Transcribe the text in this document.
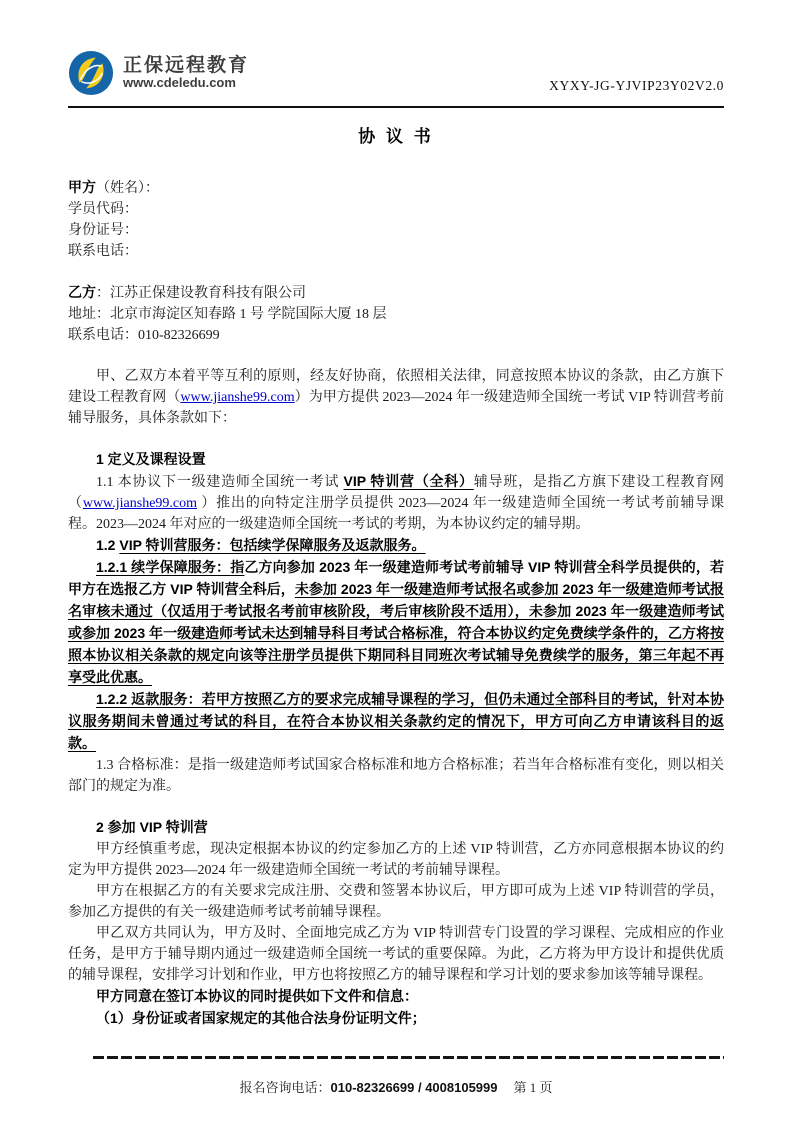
正保远程教育
www.cdeledu.com	XYXY-JG-YJVIP23Y02V2.0
协 议 书

甲方（姓名）：

学员代码：

身份证号：

联系电话：

乙方：江苏正保建设教育科技有限公司

地址：北京市海淀区知春路 1 号 学院国际大厦 18 层

联系电话：010-82326699

甲、乙双方本着平等互利的原则，经友好协商，依照相关法律，同意按照本协议的条款，由乙方旗下建设工程教育网（www.jianshe99.com）为甲方提供 2023—2024 年一级建造师全国统一考试 VIP 特训营考前辅导服务，具体条款如下：

1 定义及课程设置

1.1 本协议下一级建造师全国统一考试 VIP 特训营（全科）辅导班，是指乙方旗下建设工程教育网（www.jianshe99.com ）推出的向特定注册学员提供 2023—2024 年一级建造师全国统一考试考前辅导课程。2023—2024 年对应的一级建造师全国统一考试的考期，为本协议约定的辅导期。

1.2 VIP 特训营服务：包括续学保障服务及返款服务。

1.2.1 续学保障服务：指乙方向参加 2023 年一级建造师考试考前辅导 VIP 特训营全科学员提供的，若甲方在选报乙方 VIP 特训营全科后，未参加 2023 年一级建造师考试报名或参加 2023 年一级建造师考试报名审核未通过（仅适用于考试报名考前审核阶段，考后审核阶段不适用），未参加 2023 年一级建造师考试或参加 2023 年一级建造师考试未达到辅导科目考试合格标准，符合本协议约定免费续学条件的，乙方将按照本协议相关条款的规定向该等注册学员提供下期同科目同班次考试辅导免费续学的服务，第三年起不再享受此优惠。

1.2.2 返款服务：若甲方按照乙方的要求完成辅导课程的学习，但仍未通过全部科目的考试，针对本协议服务期间未曾通过考试的科目，在符合本协议相关条款约定的情况下，甲方可向乙方申请该科目的返款。

1.3 合格标准：是指一级建造师考试国家合格标准和地方合格标准；若当年合格标准有变化，则以相关部门的规定为准。

2 参加 VIP 特训营

甲方经慎重考虑，现决定根据本协议的约定参加乙方的上述 VIP 特训营，乙方亦同意根据本协议的约定为甲方提供 2023—2024 年一级建造师全国统一考试的考前辅导课程。

甲方在根据乙方的有关要求完成注册、交费和签署本协议后，甲方即可成为上述 VIP 特训营的学员，参加乙方提供的有关一级建造师考试考前辅导课程。

甲乙双方共同认为，甲方及时、全面地完成乙方为 VIP 特训营专门设置的学习课程、完成相应的作业任务，是甲方于辅导期内通过一级建造师全国统一考试的重要保障。为此，乙方将为甲方设计和提供优质的辅导课程，安排学习计划和作业，甲方也将按照乙方的辅导课程和学习计划的要求参加该等辅导课程。

甲方同意在签订本协议的同时提供如下文件和信息：

（1）身份证或者国家规定的其他合法身份证明文件；

报名咨询电话：010-82326699 / 4008105999 第 1 页
